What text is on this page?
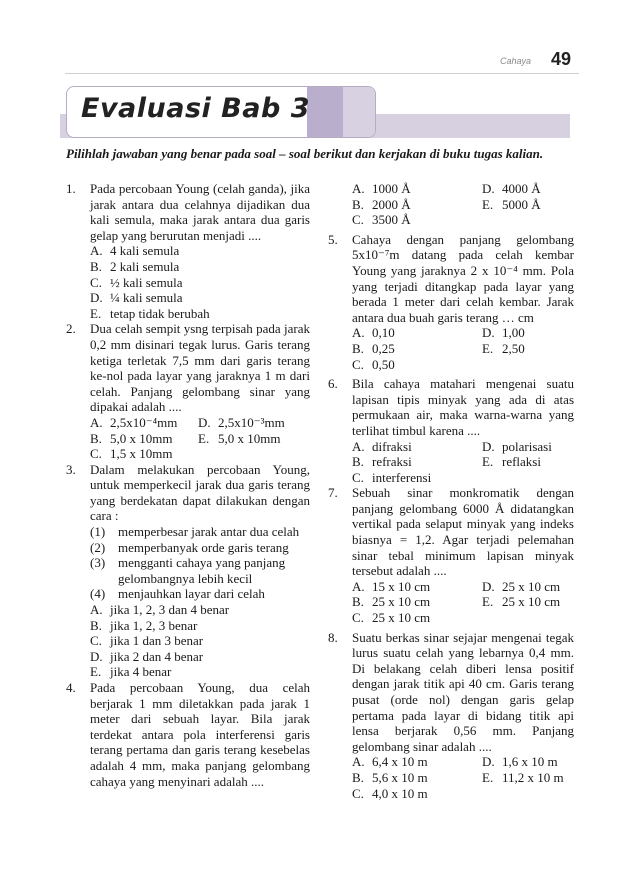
Cahaya 49
Evaluasi Bab 3
Pilihlah jawaban yang benar pada soal – soal berikut dan kerjakan di buku tugas kalian.
1.	Pada percobaan Young (celah ganda), jika jarak antara dua celahnya dijadikan dua kali semula, maka jarak antara dua garis gelap yang berurutan menjadi ....
A. 4 kali semula
B. 2 kali semula
C. ½ kali semula
D. ¼ kali semula
E. tetap tidak berubah
2.	Dua celah sempit ysng terpisah pada jarak 0,2 mm disinari tegak lurus. Garis terang ketiga terletak 7,5 mm dari garis terang ke-nol pada layar yang jaraknya 1 m dari celah. Panjang gelombang sinar yang dipakai adalah ....
A. 2,5x10⁻⁴mm D. 2,5x10⁻³mm
B. 5,0 x 10mm E. 5,0 x 10mm
C. 1,5 x 10mm
3.	Dalam melakukan percobaan Young, untuk memperkecil jarak dua garis terang yang berdekatan dapat dilakukan dengan cara :
(1) memperbesar jarak antar dua celah
(2) memperbanyak orde garis terang
(3) mengganti cahaya yang panjang gelombangnya lebih kecil
(4) menjauhkan layar dari celah
A. jika 1, 2, 3 dan 4 benar
B. jika 1, 2, 3 benar
C. jika 1 dan 3 benar
D. jika 2 dan 4 benar
E. jika 4 benar
4.	Pada percobaan Young, dua celah berjarak 1 mm diletakkan pada jarak 1 meter dari sebuah layar. Bila jarak terdekat antara pola interferensi garis terang pertama dan garis terang kesebelas adalah 4 mm, maka panjang gelombang cahaya yang menyinari adalah ....
A. 1000 Å	D. 4000 Å
B. 2000 Å	E. 5000 Å
C. 3500 Å
5.	Cahaya dengan panjang gelombang 5x10⁻⁷m datang pada celah kembar Young yang jaraknya 2 x 10⁻⁴ mm. Pola yang terjadi ditangkap pada layar yang berada 1 meter dari celah kembar. Jarak antara dua buah garis terang … cm
A. 0,10	D. 1,00
B. 0,25	E. 2,50
C. 0,50
6.	Bila cahaya matahari mengenai suatu lapisan tipis minyak yang ada di atas permukaan air, maka warna-warna yang terlihat timbul karena ....
A. difraksi	D. polarisasi
B. refraksi	E. reflaksi
C. interferensi
7.	Sebuah sinar monkromatik dengan panjang gelombang 6000 Å didatangkan vertikal pada selaput minyak yang indeks biasnya = 1,2. Agar terjadi pelemahan sinar tebal minimum lapisan minyak tersebut adalah ....
A. 15 x 10 cm	D. 25 x 10 cm
B. 25 x 10 cm	E. 25 x 10 cm
C. 25 x 10 cm
8.	Suatu berkas sinar sejajar mengenai tegak lurus suatu celah yang lebarnya 0,4 mm. Di belakang celah diberi lensa positif dengan jarak titik api 40 cm. Garis terang pusat (orde nol) dengan garis gelap pertama pada layar di bidang titik api lensa berjarak 0,56 mm. Panjang gelombang sinar adalah ....
A. 6,4 x 10 m	D. 1,6 x 10 m
B. 5,6 x 10 m	E. 11,2 x 10 m
C. 4,0 x 10 m
